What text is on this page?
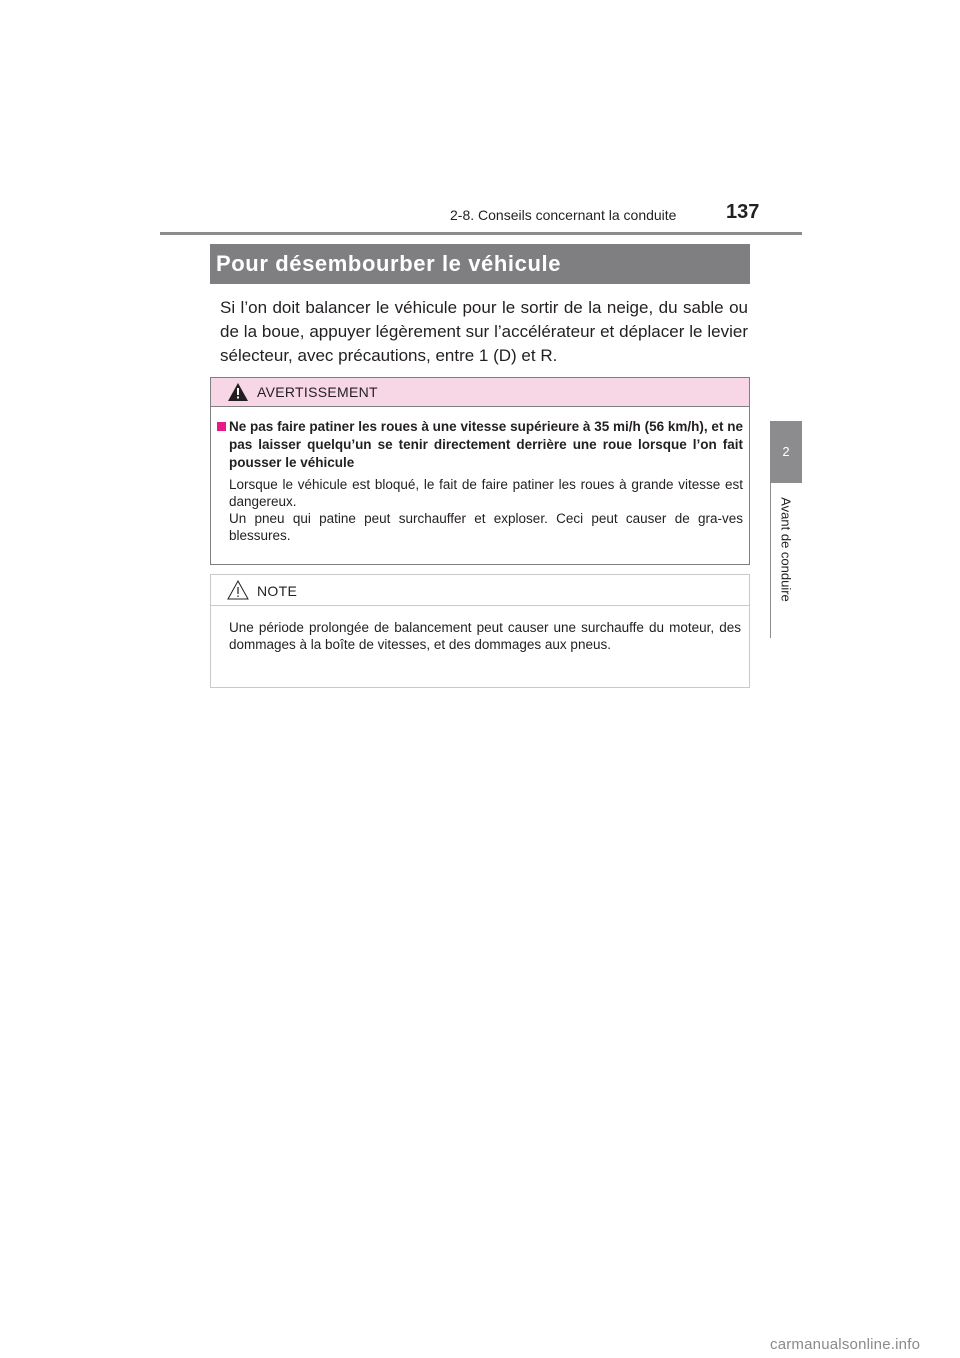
2-8. Conseils concernant la conduite 137
2
Avant de conduire
Pour désembourber le véhicule

Si l’on doit balancer le véhicule pour le sortir de la neige, du sable ou de la boue, appuyer légèrement sur l’accélérateur et déplacer le levier sélecteur, avec précautions, entre 1 (D) et R.

AVERTISSEMENT

Ne pas faire patiner les roues à une vitesse supérieure à 35 mi/h (56 km/h), et ne pas laisser quelqu’un se tenir directement derrière une roue lorsque l’on fait pousser le véhicule

Lorsque le véhicule est bloqué, le fait de faire patiner les roues à grande vitesse est dangereux.

Un pneu qui patine peut surchauffer et exploser. Ceci peut causer de gra-ves blessures.

NOTE

Une période prolongée de balancement peut causer une surchauffe du moteur, des dommages à la boîte de vitesses, et des dommages aux pneus.

carmanualsonline.info
